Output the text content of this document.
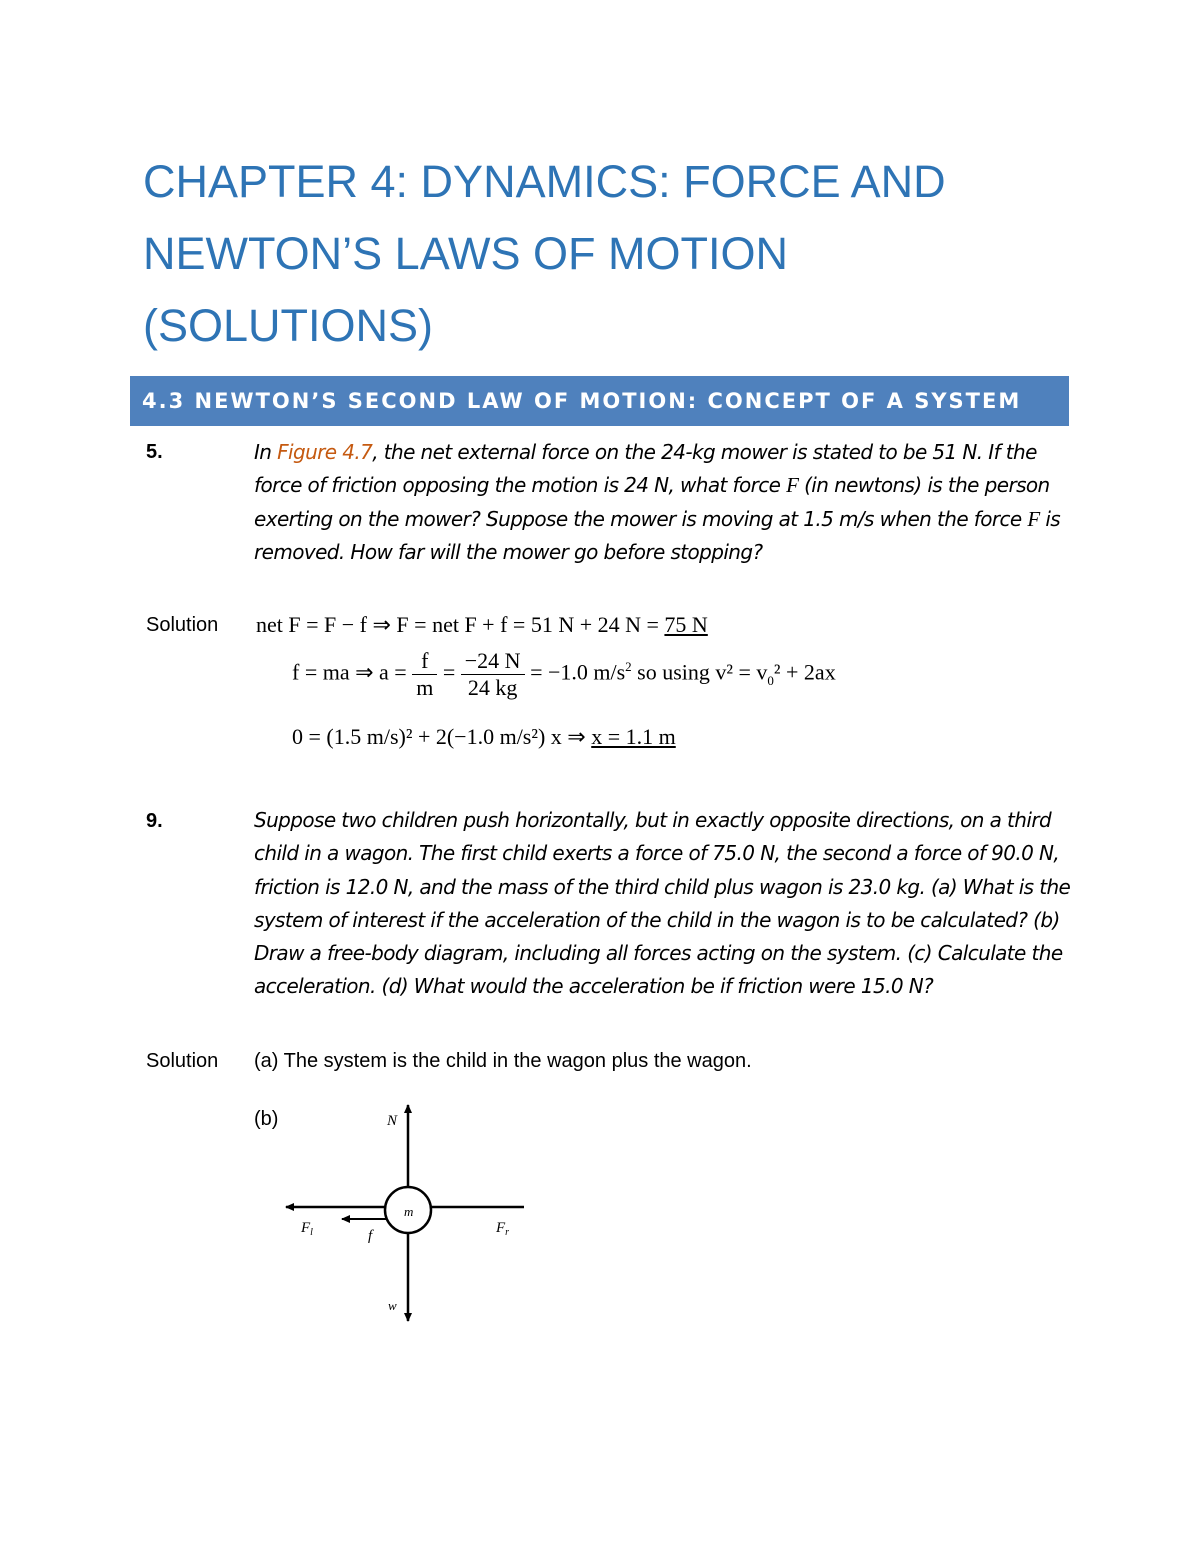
CHAPTER 4: DYNAMICS: FORCE AND
NEWTON’S LAWS OF MOTION
(SOLUTIONS)
4.3 NEWTON’S SECOND LAW OF MOTION: CONCEPT OF A SYSTEM
5.	In Figure 4.7, the net external force on the 24-kg mower is stated to be 51 N. If the force of friction opposing the motion is 24 N, what force F (in newtons) is the person exerting on the mower? Suppose the mower is moving at 1.5 m/s when the force F is removed. How far will the mower go before stopping?
Solution net F = F − f ⇒ F = net F + f = 51 N + 24 N = 75 N
f = ma ⇒ $a = \frac{f}{m} = \frac{-24 N}{24 kg} = -1.0$ $m/s^2$ so using $v^2 = v_0^2 + 2ax$
0 = (1.5 m/s)² + 2(−1.0 m/s²) x ⇒ x = 1.1 m
9.	Suppose two children push horizontally, but in exactly opposite directions, on a third child in a wagon. The first child exerts a force of 75.0 N, the second a force of 90.0 N, friction is 12.0 N, and the mass of the third child plus wagon is 23.0 kg. (a) What is the system of interest if the acceleration of the child in the wagon is to be calculated? (b) Draw a free-body diagram, including all forces acting on the system. (c) Calculate the acceleration. (d) What would the acceleration be if friction were 15.0 N?
Solution (a) The system is the child in the wagon plus the wagon.
(b)
m
N
w
$F_l$	$F_r$
f
